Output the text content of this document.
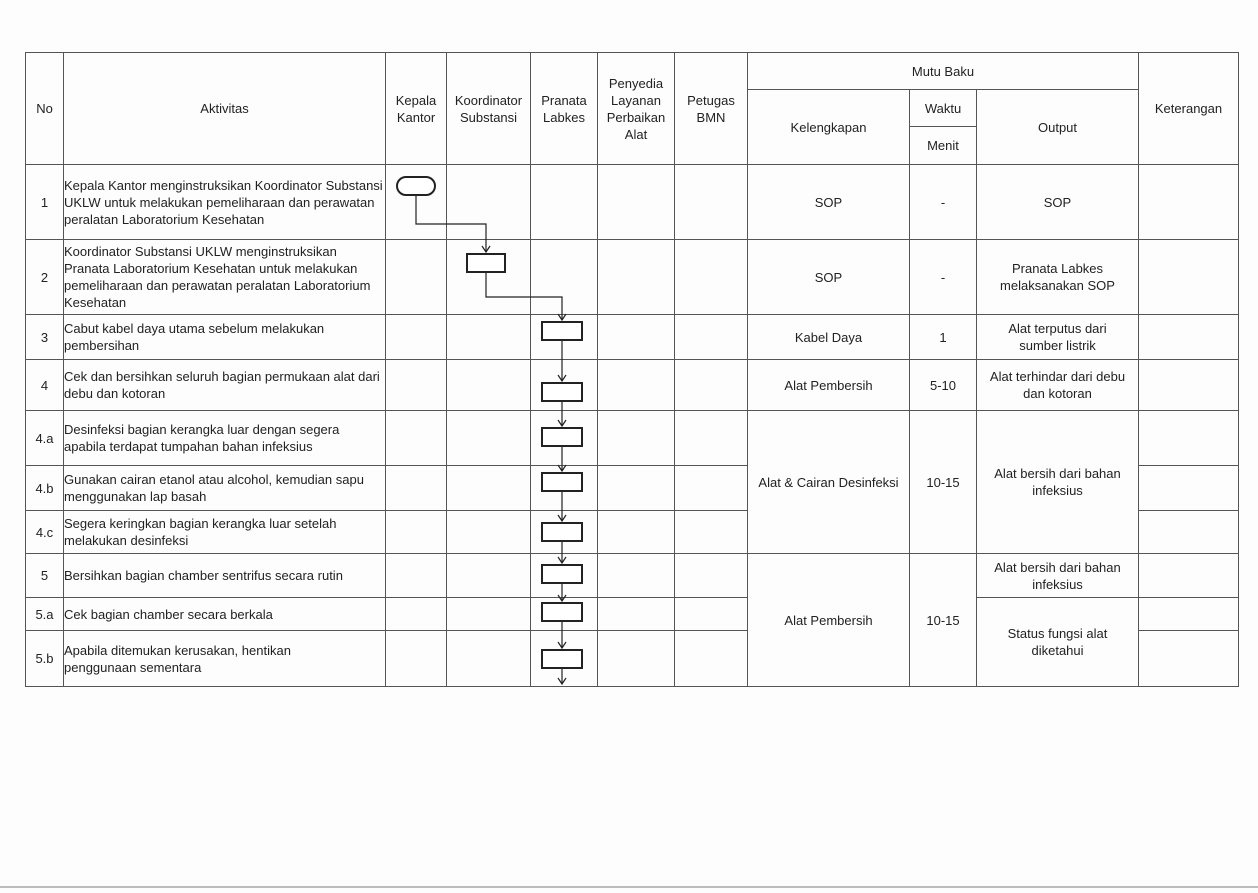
No	Aktivitas	Kepala Kantor	Koordinator Substansi	Pranata Labkes	Penyedia Layanan Perbaikan Alat	Petugas BMN	Mutu Baku			Keterangan
							Kelengkapan	Waktu	Output	
								Menit		
1	Kepala Kantor menginstruksikan Koordinator Substansi UKLW untuk melakukan pemeliharaan dan perawatan peralatan Laboratorium Kesehatan						SOP	-	SOP	
2	Koordinator Substansi UKLW menginstruksikan Pranata Laboratorium Kesehatan untuk melakukan pemeliharaan dan perawatan peralatan Laboratorium Kesehatan						SOP	-	Pranata Labkes melaksanakan SOP	
3	Cabut kabel daya utama sebelum melakukan pembersihan						Kabel Daya	1	Alat terputus dari sumber listrik	
4	Cek dan bersihkan seluruh bagian permukaan alat dari debu dan kotoran						Alat Pembersih	5-10	Alat terhindar dari debu dan kotoran	
4.a	Desinfeksi bagian kerangka luar dengan segera apabila terdapat tumpahan bahan infeksius						Alat & Cairan Desinfeksi	10-15	Alat bersih dari bahan infeksius	
4.b	Gunakan cairan etanol atau alcohol, kemudian sapu menggunakan lap basah									
4.c	Segera keringkan bagian kerangka luar setelah melakukan desinfeksi									
5	Bersihkan bagian chamber sentrifus secara rutin						Alat Pembersih	10-15	Alat bersih dari bahan infeksius	
5.a	Cek bagian chamber secara berkala								Status fungsi alat diketahui	
5.b	Apabila ditemukan kerusakan, hentikan penggunaan sementara									
